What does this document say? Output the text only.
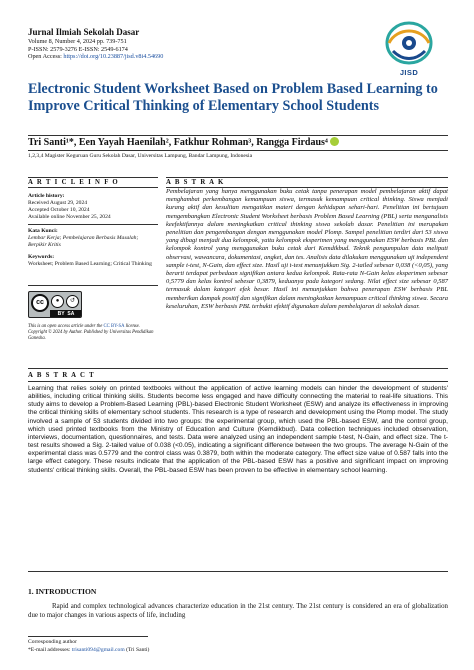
Jurnal Ilmiah Sekolah Dasar
Volume 8, Number 4, 2024 pp. 739-751
P-ISSN: 2579-3276 E-ISSN: 2549-6174
Open Access: https://doi.org/10.23887/jisd.v8i4.54690
JISD
Electronic Student Worksheet Based on Problem Based Learning to Improve Critical Thinking of Elementary School Students
Tri Santi¹*, Een Yayah Haenilah², Fatkhur Rohman³, Rangga Firdaus⁴
1,2,3,4 Magister Keguruan Guru Sekolah Dasar, Universitas Lampung, Bandar Lampung, Indonesia
A R T I C L E I N F O	A B S T R A K
Article history:
Received August 29, 2024
Accepted October 10, 2024
Available online November 25, 2024
Kata Kunci:
Lembar Kerja; Pembelajaran Berbasis Masalah; Berpikir Kritis
Keywords:
Worksheet; Problem Based Learning; Critical Thinking
cc	●	↺
BY SA
This is an open access article under the CC BY-SA license.
Copyright © 2024 by Author. Published by Universitas Pendidikan Ganesha.
Pembelajaran yang hanya menggunakan buku cetak tanpa penerapan model pembelajaran aktif dapat menghambat perkembangan kemampuan siswa, termasuk kemampuan critical thinking. Siswa menjadi kurang aktif dan kesulitan mengaitkan materi dengan kehidupan sehari-hari. Penelitian ini bertujuan mengembangkan Electronic Student Worksheet berbasis Problem Based Learning (PBL) serta menganalisis keefektifannya dalam meningkatkan critical thinking siswa sekolah dasar. Penelitian ini merupakan penelitian dan pengembangan dengan menggunakan model Plomp. Sampel penelitian terdiri dari 53 siswa yang dibagi menjadi dua kelompok, yaitu kelompok eksperimen yang menggunakan ESW berbasis PBL dan kelompok kontrol yang menggunakan buku cetak dari Kemdikbud. Teknik pengumpulan data meliputi observasi, wawancara, dokumentasi, angket, dan tes. Analisis data dilakukan menggunakan uji independent sample t-test, N-Gain, dan effect size. Hasil uji t-test menunjukkan Sig. 2-tailed sebesar 0,038 (<0,05), yang berarti terdapat perbedaan signifikan antara kedua kelompok. Rata-rata N-Gain kelas eksperimen sebesar 0,5779 dan kelas kontrol sebesar 0,3879, keduanya pada kategori sedang. Nilai effect size sebesar 0,587 termasuk dalam kategori efek besar. Hasil ini menunjukkan bahwa penerapan ESW berbasis PBL memberikan dampak positif dan signifikan dalam meningkatkan kemampuan critical thinking siswa. Secara keseluruhan, ESW berbasis PBL terbukti efektif digunakan dalam pembelajaran di sekolah dasar.
A B S T R A C T
Learning that relies solely on printed textbooks without the application of active learning models can hinder the development of students' abilities, including critical thinking skills. Students become less engaged and have difficulty connecting the material to real-life situations. This study aims to develop a Problem-Based Learning (PBL)-based Electronic Student Worksheet (ESW) and analyze its effectiveness in improving the critical thinking skills of elementary school students. This research is a type of research and development using the Plomp model. The study involved a sample of 53 students divided into two groups: the experimental group, which used the PBL-based ESW, and the control group, which used printed textbooks from the Ministry of Education and Culture (Kemdikbud). Data collection techniques included observation, interviews, documentation, questionnaires, and tests. Data were analyzed using an independent sample t-test, N-Gain, and effect size. The t-test results showed a Sig. 2-tailed value of 0.038 (<0.05), indicating a significant difference between the two groups. The average N-Gain of the experimental class was 0.5779 and the control class was 0.3879, both within the moderate category. The effect size value of 0.587 falls into the large effect category. These results indicate that the application of the PBL-based ESW has a positive and significant impact on improving students' critical thinking skills. Overall, the PBL-based ESW has been proven to be effective in elementary school learning.
1. INTRODUCTION
Rapid and complex technological advances characterize education in the 21st century. The 21st century is considered an era of globalization due to major changes in various aspects of life, including
Corresponding author
*E-mail addresses: trisanti094@gmail.com (Tri Santi)
